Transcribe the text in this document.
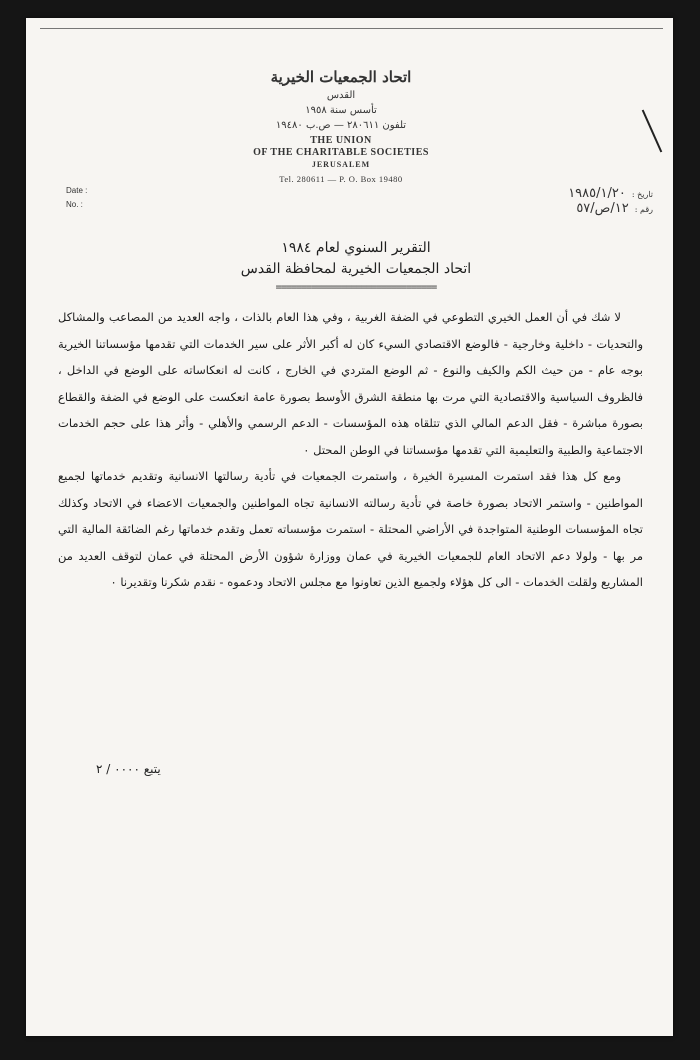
اتحاد الجمعيات الخيرية
القدس
تأسس سنة ١٩٥٨
تلفون ٢٨٠٦١١ — ص.ب ١٩٤٨٠
THE UNION
OF THE CHARITABLE SOCIETIES
JERUSALEM
Tel. 280611 — P. O. Box 19480
Date :
No. :
تاريخ :
١٩٨٥/١/٢٠
رقم :
١٢/ص/٥٧
التقرير السنوي لعام ١٩٨٤
اتحاد الجمعيات الخيرية لمحافظة القدس
================================

لا شك في أن العمل الخيري التطوعي في الضفة الغربية ، وفي هذا العام بالذات ، واجه العديد من المصاعب والمشاكل والتحديات - داخلية وخارجية - فالوضع الاقتصادي السيء كان له أكبر الأثر على سير الخدمات التي تقدمها مؤسساتنا الخيرية بوجه عام - من حيث الكم والكيف والنوع - ثم الوضع المتردي في الخارج ، كانت له انعكاساته على الوضع في الداخل ، فالظروف السياسية والاقتصادية التي مرت بها منطقة الشرق الأوسط بصورة عامة انعكست على الوضع في الضفة والقطاع بصورة مباشرة - فقل الدعم المالي الذي تتلقاه هذه المؤسسات - الدعم الرسمي والأهلي - وأثر هذا على حجم الخدمات الاجتماعية والطبية والتعليمية التي تقدمها مؤسساتنا في الوطن المحتل ٠

ومع كل هذا فقد استمرت المسيرة الخيرة ، واستمرت الجمعيات في تأدية رسالتها الانسانية وتقديم خدماتها لجميع المواطنين - واستمر الاتحاد بصورة خاصة في تأدية رسالته الانسانية تجاه المواطنين والجمعيات الاعضاء في الاتحاد وكذلك تجاه المؤسسات الوطنية المتواجدة في الأراضي المحتلة - استمرت مؤسساته تعمل وتقدم خدماتها رغم الضائقة المالية التي مر بها - ولولا دعم الاتحاد العام للجمعيات الخيرية في عمان ووزارة شؤون الأرض المحتلة في عمان لتوقف العديد من المشاريع ولقلت الخدمات - الى كل هؤلاء ولجميع الذين تعاونوا مع مجلس الاتحاد ودعموه - نقدم شكرنا وتقديرنا ٠

يتبع ٠٠٠٠ / ٢
